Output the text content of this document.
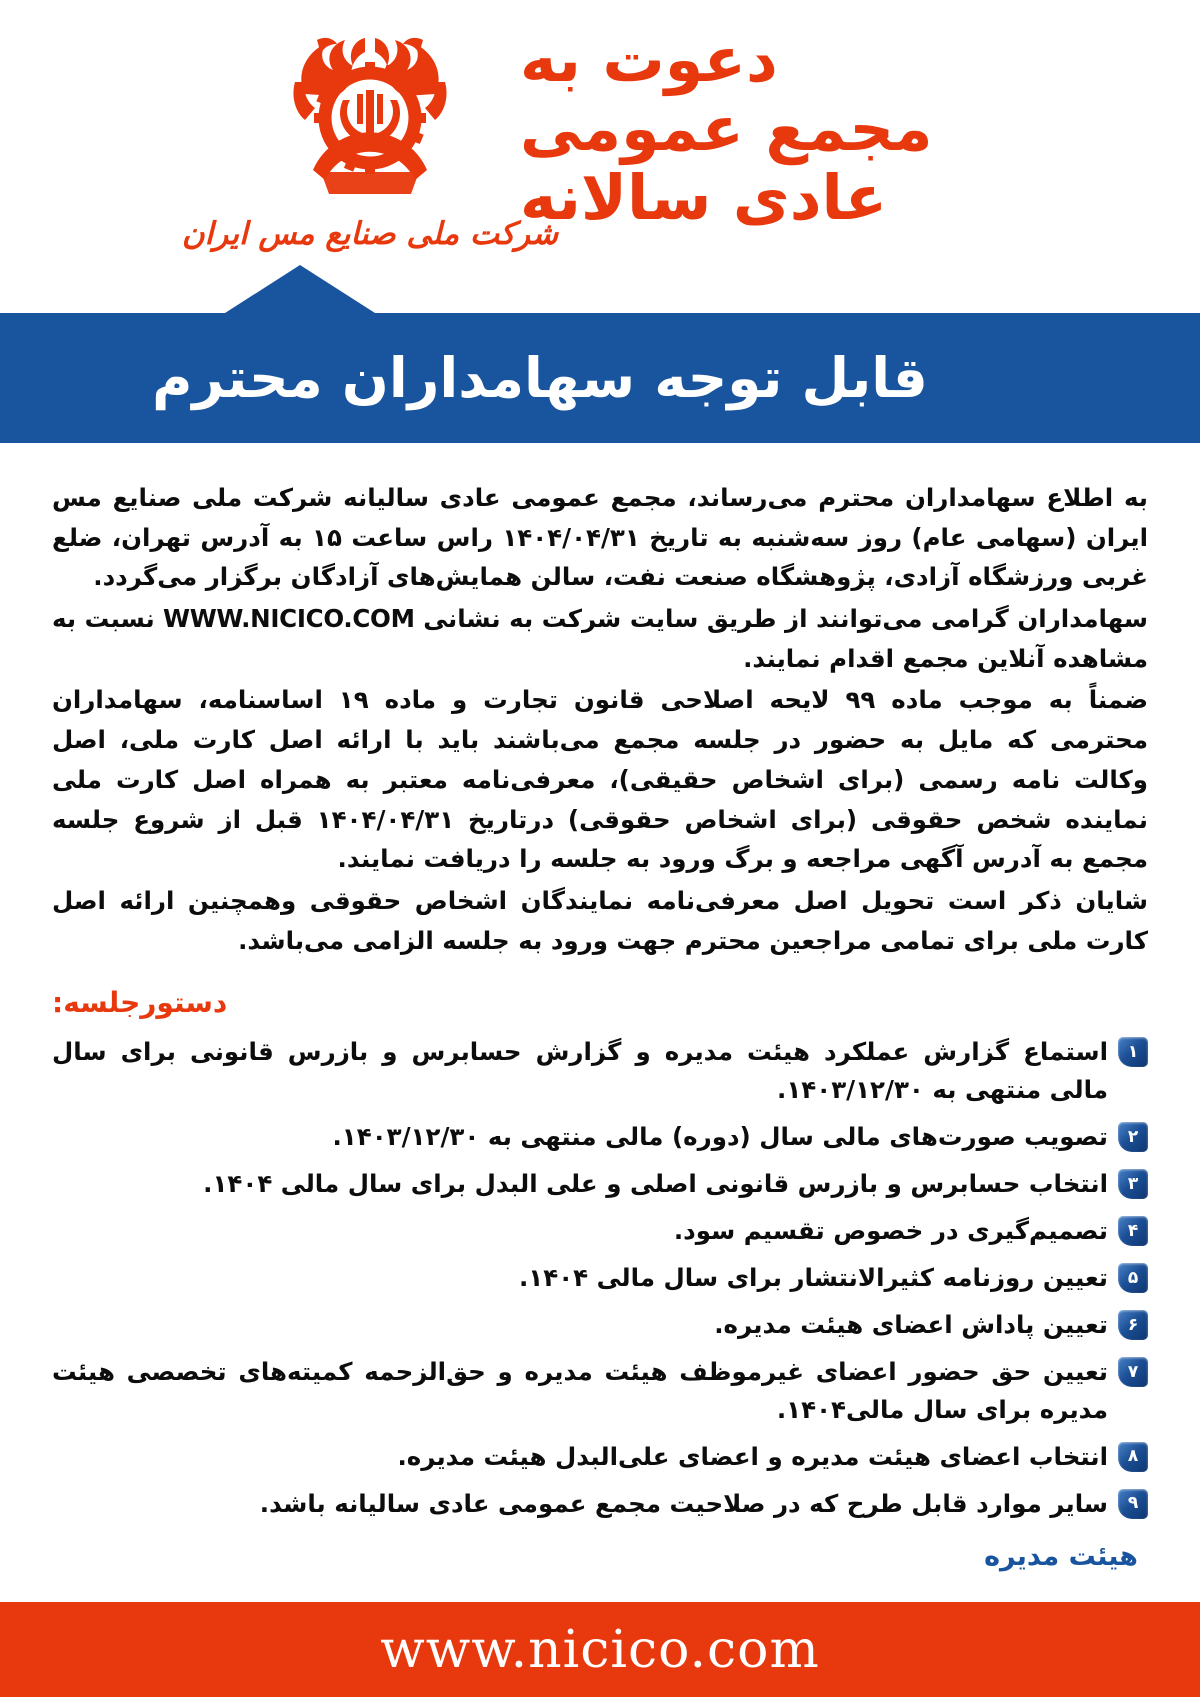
شرکت ملی صنایع مس ایران
دعوت به
مجمع عمومی
عادی سالانه
قابل توجه سهامداران محترم

به اطلاع سهامداران محترم می‌رساند، مجمع عمومی عادی سالیانه شرکت ملی صنایع مس ایران (سهامی عام) روز سه‌شنبه به تاریخ ۱۴۰۴/۰۴/۳۱ راس ساعت ۱۵ به آدرس تهران، ضلع غربی ورزشگاه آزادی، پژوهشگاه صنعت نفت، سالن همایش‌های آزادگان برگزار می‌گردد.

سهامداران گرامی می‌توانند از طریق سایت شرکت به نشانی WWW.NICICO.COM نسبت به مشاهده آنلاین مجمع اقدام نمایند.

ضمناً به موجب ماده ۹۹ لایحه اصلاحی قانون تجارت و ماده ۱۹ اساسنامه، سهامداران محترمی که مایل به حضور در جلسه مجمع می‌باشند باید با ارائه اصل کارت ملی، اصل وکالت نامه رسمی (برای اشخاص حقیقی)، معرفی‌نامه معتبر به همراه اصل کارت ملی نماینده شخص حقوقی (برای اشخاص حقوقی) درتاریخ ۱۴۰۴/۰۴/۳۱ قبل از شروع جلسه مجمع به آدرس آگهی مراجعه و برگ ورود به جلسه را دریافت نمایند.

شایان ذکر است تحویل اصل معرفی‌نامه نمایندگان اشخاص حقوقی وهمچنین ارائه اصل کارت ملی برای تمامی مراجعین محترم جهت ورود به جلسه الزامی می‌باشد.

دستورجلسه:
۱
استماع گزارش عملکرد هیئت مدیره و گزارش حسابرس و بازرس قانونی برای سال مالی منتهی به ۱۴۰۳/۱۲/۳۰.
۲
تصویب صورت‌های مالی سال (دوره) مالی منتهی به ۱۴۰۳/۱۲/۳۰.
۳
انتخاب حسابرس و بازرس قانونی اصلی و علی البدل برای سال مالی ۱۴۰۴.
۴
تصمیم‌گیری در خصوص تقسیم سود.
۵
تعیین روزنامه کثیرالانتشار برای سال مالی ۱۴۰۴.
۶
تعیین پاداش اعضای هیئت مدیره.
۷
تعیین حق حضور اعضای غیرموظف هیئت مدیره و حق‌الزحمه کمیته‌های تخصصی هیئت مدیره برای سال مالی۱۴۰۴.
۸
انتخاب اعضای هیئت مدیره و اعضای علی‌البدل هیئت مدیره.
۹
سایر موارد قابل طرح که در صلاحیت مجمع عمومی عادی سالیانه باشد.
هیئت مدیره
www.nicico.com
